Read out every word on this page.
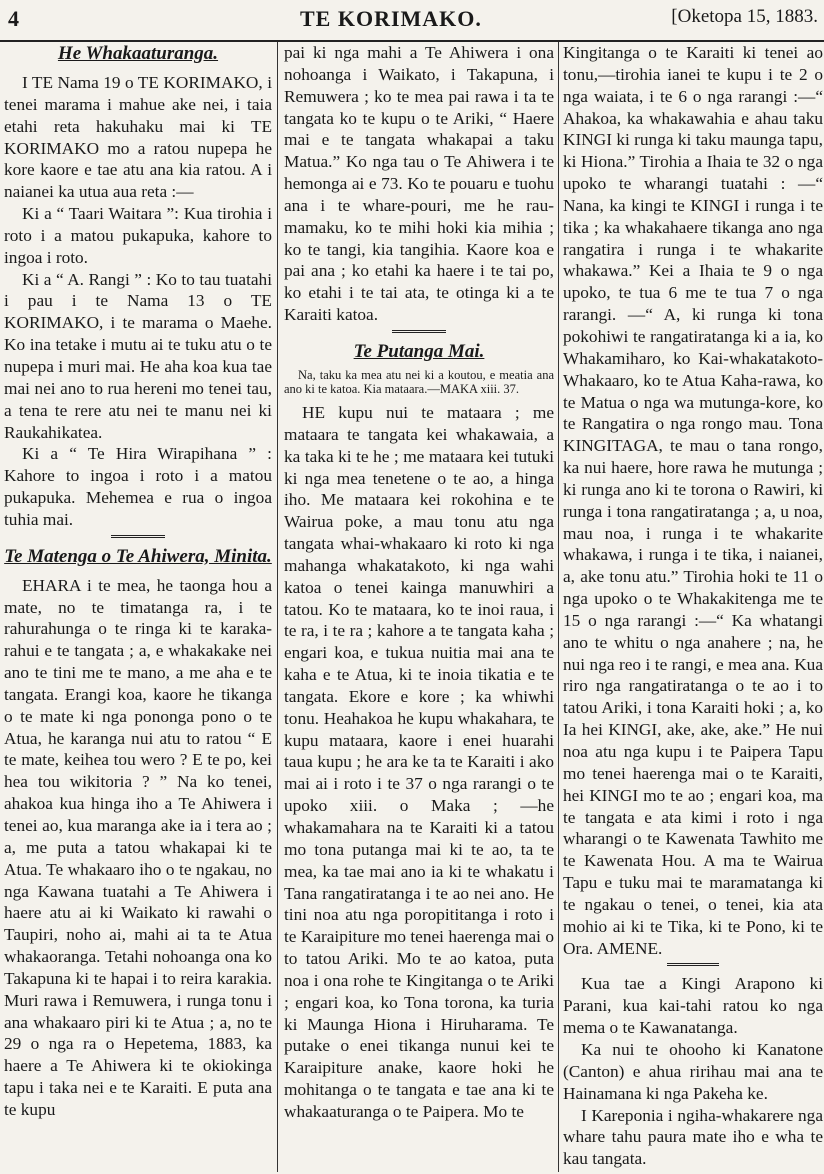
4	TE KORIMAKO.	[Oketopa 15, 1883.
He Whakaaturanga.

I TE Nama 19 o TE KORIMAKO, i tenei marama i mahue ake nei, i taia etahi reta hakuhaku mai ki TE KORIMAKO mo a ratou nupepa he kore kaore e tae atu ana kia ratou. A i naianei ka utua aua reta :—

Ki a “ Taari Waitara ”: Kua tirohia i roto i a matou pukapuka, kahore to ingoa i roto.

Ki a “ A. Rangi ” : Ko to tau tuatahi i pau i te Nama 13 o TE KORIMAKO, i te marama o Maehe. Ko ina tetake i mutu ai te tuku atu o te nupepa i muri mai. He aha koa kua tae mai nei ano to rua hereni mo tenei tau, a tena te rere atu nei te manu nei ki Raukahikatea.

Ki a “ Te Hira Wirapihana ” : Kahore to ingoa i roto i a matou pukapuka. Mehemea e rua o ingoa tuhia mai.

Te Matenga o Te Ahiwera, Minita.

EHARA i te mea, he taonga hou a mate, no te timatanga ra, i te rahurahunga o te ringa ki te karaka-rahui e te tangata ; a, e whakakake nei ano te tini me te mano, a me aha e te tangata. Erangi koa, kaore he tikanga o te mate ki nga pononga pono o te Atua, he karanga nui atu to ratou “ E te mate, keihea tou wero ? E te po, kei hea tou wikitoria ? ” Na ko tenei, ahakoa kua hinga iho a Te Ahiwera i tenei ao, kua maranga ake ia i tera ao ; a, me puta a tatou whakapai ki te Atua. Te whakaaro iho o te ngakau, no nga Kawana tuatahi a Te Ahiwera i haere atu ai ki Waikato ki rawahi o Taupiri, noho ai, mahi ai ta te Atua whakaoranga. Tetahi nohoanga ona ko Takapuna ki te hapai i to reira karakia. Muri rawa i Remuwera, i runga tonu i ana whakaaro piri ki te Atua ; a, no te 29 o nga ra o Hepetema, 1883, ka haere a Te Ahiwera ki te okiokinga tapu i taka nei e te Karaiti. E puta ana te kupu

pai ki nga mahi a Te Ahiwera i ona nohoanga i Waikato, i Takapuna, i Remuwera ; ko te mea pai rawa i ta te tangata ko te kupu o te Ariki, “ Haere mai e te tangata whakapai a taku Matua.” Ko nga tau o Te Ahiwera i te hemonga ai e 73. Ko te pouaru e tuohu ana i te whare-pouri, me he rau-mamaku, ko te mihi hoki kia mihia ; ko te tangi, kia tangihia. Kaore koa e pai ana ; ko etahi ka haere i te tai po, ko etahi i te tai ata, te otinga ki a te Karaiti katoa.

Te Putanga Mai.

Na, taku ka mea atu nei ki a koutou, e meatia ana ano ki te katoa. Kia mataara.—MAKA xiii. 37.

HE kupu nui te mataara ; me mataara te tangata kei whakawaia, a ka taka ki te he ; me mataara kei tutuki ki nga mea tenetene o te ao, a hinga iho. Me mataara kei rokohina e te Wairua poke, a mau tonu atu nga tangata whai-whakaaro ki roto ki nga mahanga whakatakoto, ki nga wahi katoa o tenei kainga manuwhiri a tatou. Ko te mataara, ko te inoi raua, i te ra, i te ra ; kahore a te tangata kaha ; engari koa, e tukua nuitia mai ana te kaha e te Atua, ki te inoia tikatia e te tangata. Ekore e kore ; ka whiwhi tonu. Heahakoa he kupu whakahara, te kupu mataara, kaore i enei huarahi taua kupu ; he ara ke ta te Karaiti i ako mai ai i roto i te 37 o nga rarangi o te upoko xiii. o Maka ; —he whakamahara na te Karaiti ki a tatou mo tona putanga mai ki te ao, ta te mea, ka tae mai ano ia ki te whakatu i Tana rangatiratanga i te ao nei ano. He tini noa atu nga poropititanga i roto i te Karaipiture mo tenei haerenga mai o to tatou Ariki. Mo te ao katoa, puta noa i ona rohe te Kingitanga o te Ariki ; engari koa, ko Tona torona, ka turia ki Maunga Hiona i Hiruharama. Te putake o enei tikanga nunui kei te Karaipiture anake, kaore hoki he mohitanga o te tangata e tae ana ki te whakaaturanga o te Paipera. Mo te

Kingitanga o te Karaiti ki tenei ao tonu,—tirohia ianei te kupu i te 2 o nga waiata, i te 6 o nga rarangi :—“ Ahakoa, ka whakawahia e ahau taku KINGI ki runga ki taku maunga tapu, ki Hiona.” Tirohia a Ihaia te 32 o nga upoko te wharangi tuatahi : —“ Nana, ka kingi te KINGI i runga i te tika ; ka whakahaere tikanga ano nga rangatira i runga i te whakarite whakawa.” Kei a Ihaia te 9 o nga upoko, te tua 6 me te tua 7 o nga rarangi. —“ A, ki runga ki tona pokohiwi te rangatiratanga ki a ia, ko Whakamiharo, ko Kai-whakatakoto-Whakaaro, ko te Atua Kaha-rawa, ko te Matua o nga wa mutunga-kore, ko te Rangatira o nga rongo mau. Tona KINGITAGA, te mau o tana rongo, ka nui haere, hore rawa he mutunga ; ki runga ano ki te torona o Rawiri, ki runga i tona rangatiratanga ; a, u noa, mau noa, i runga i te whakarite whakawa, i runga i te tika, i naianei, a, ake tonu atu.” Tirohia hoki te 11 o nga upoko o te Whakakitenga me te 15 o nga rarangi :—“ Ka whatangi ano te whitu o nga anahere ; na, he nui nga reo i te rangi, e mea ana. Kua riro nga rangatiratanga o te ao i to tatou Ariki, i tona Karaiti hoki ; a, ko Ia hei KINGI, ake, ake, ake.” He nui noa atu nga kupu i te Paipera Tapu mo tenei haerenga mai o te Karaiti, hei KINGI mo te ao ; engari koa, ma te tangata e ata kimi i roto i nga wharangi o te Kawenata Tawhito me te Kawenata Hou. A ma te Wairua Tapu e tuku mai te maramatanga ki te ngakau o tenei, o tenei, kia ata mohio ai ki te Tika, ki te Pono, ki te Ora. AMENE.

Kua tae a Kingi Arapono ki Parani, kua kai-tahi ratou ko nga mema o te Kawanatanga.

Ka nui te ohooho ki Kanatone (Canton) e ahua ririhau mai ana te Hainamana ki nga Pakeha ke.

I Kareponia i ngiha-whakarere nga whare tahu paura mate iho e wha te kau tangata.
